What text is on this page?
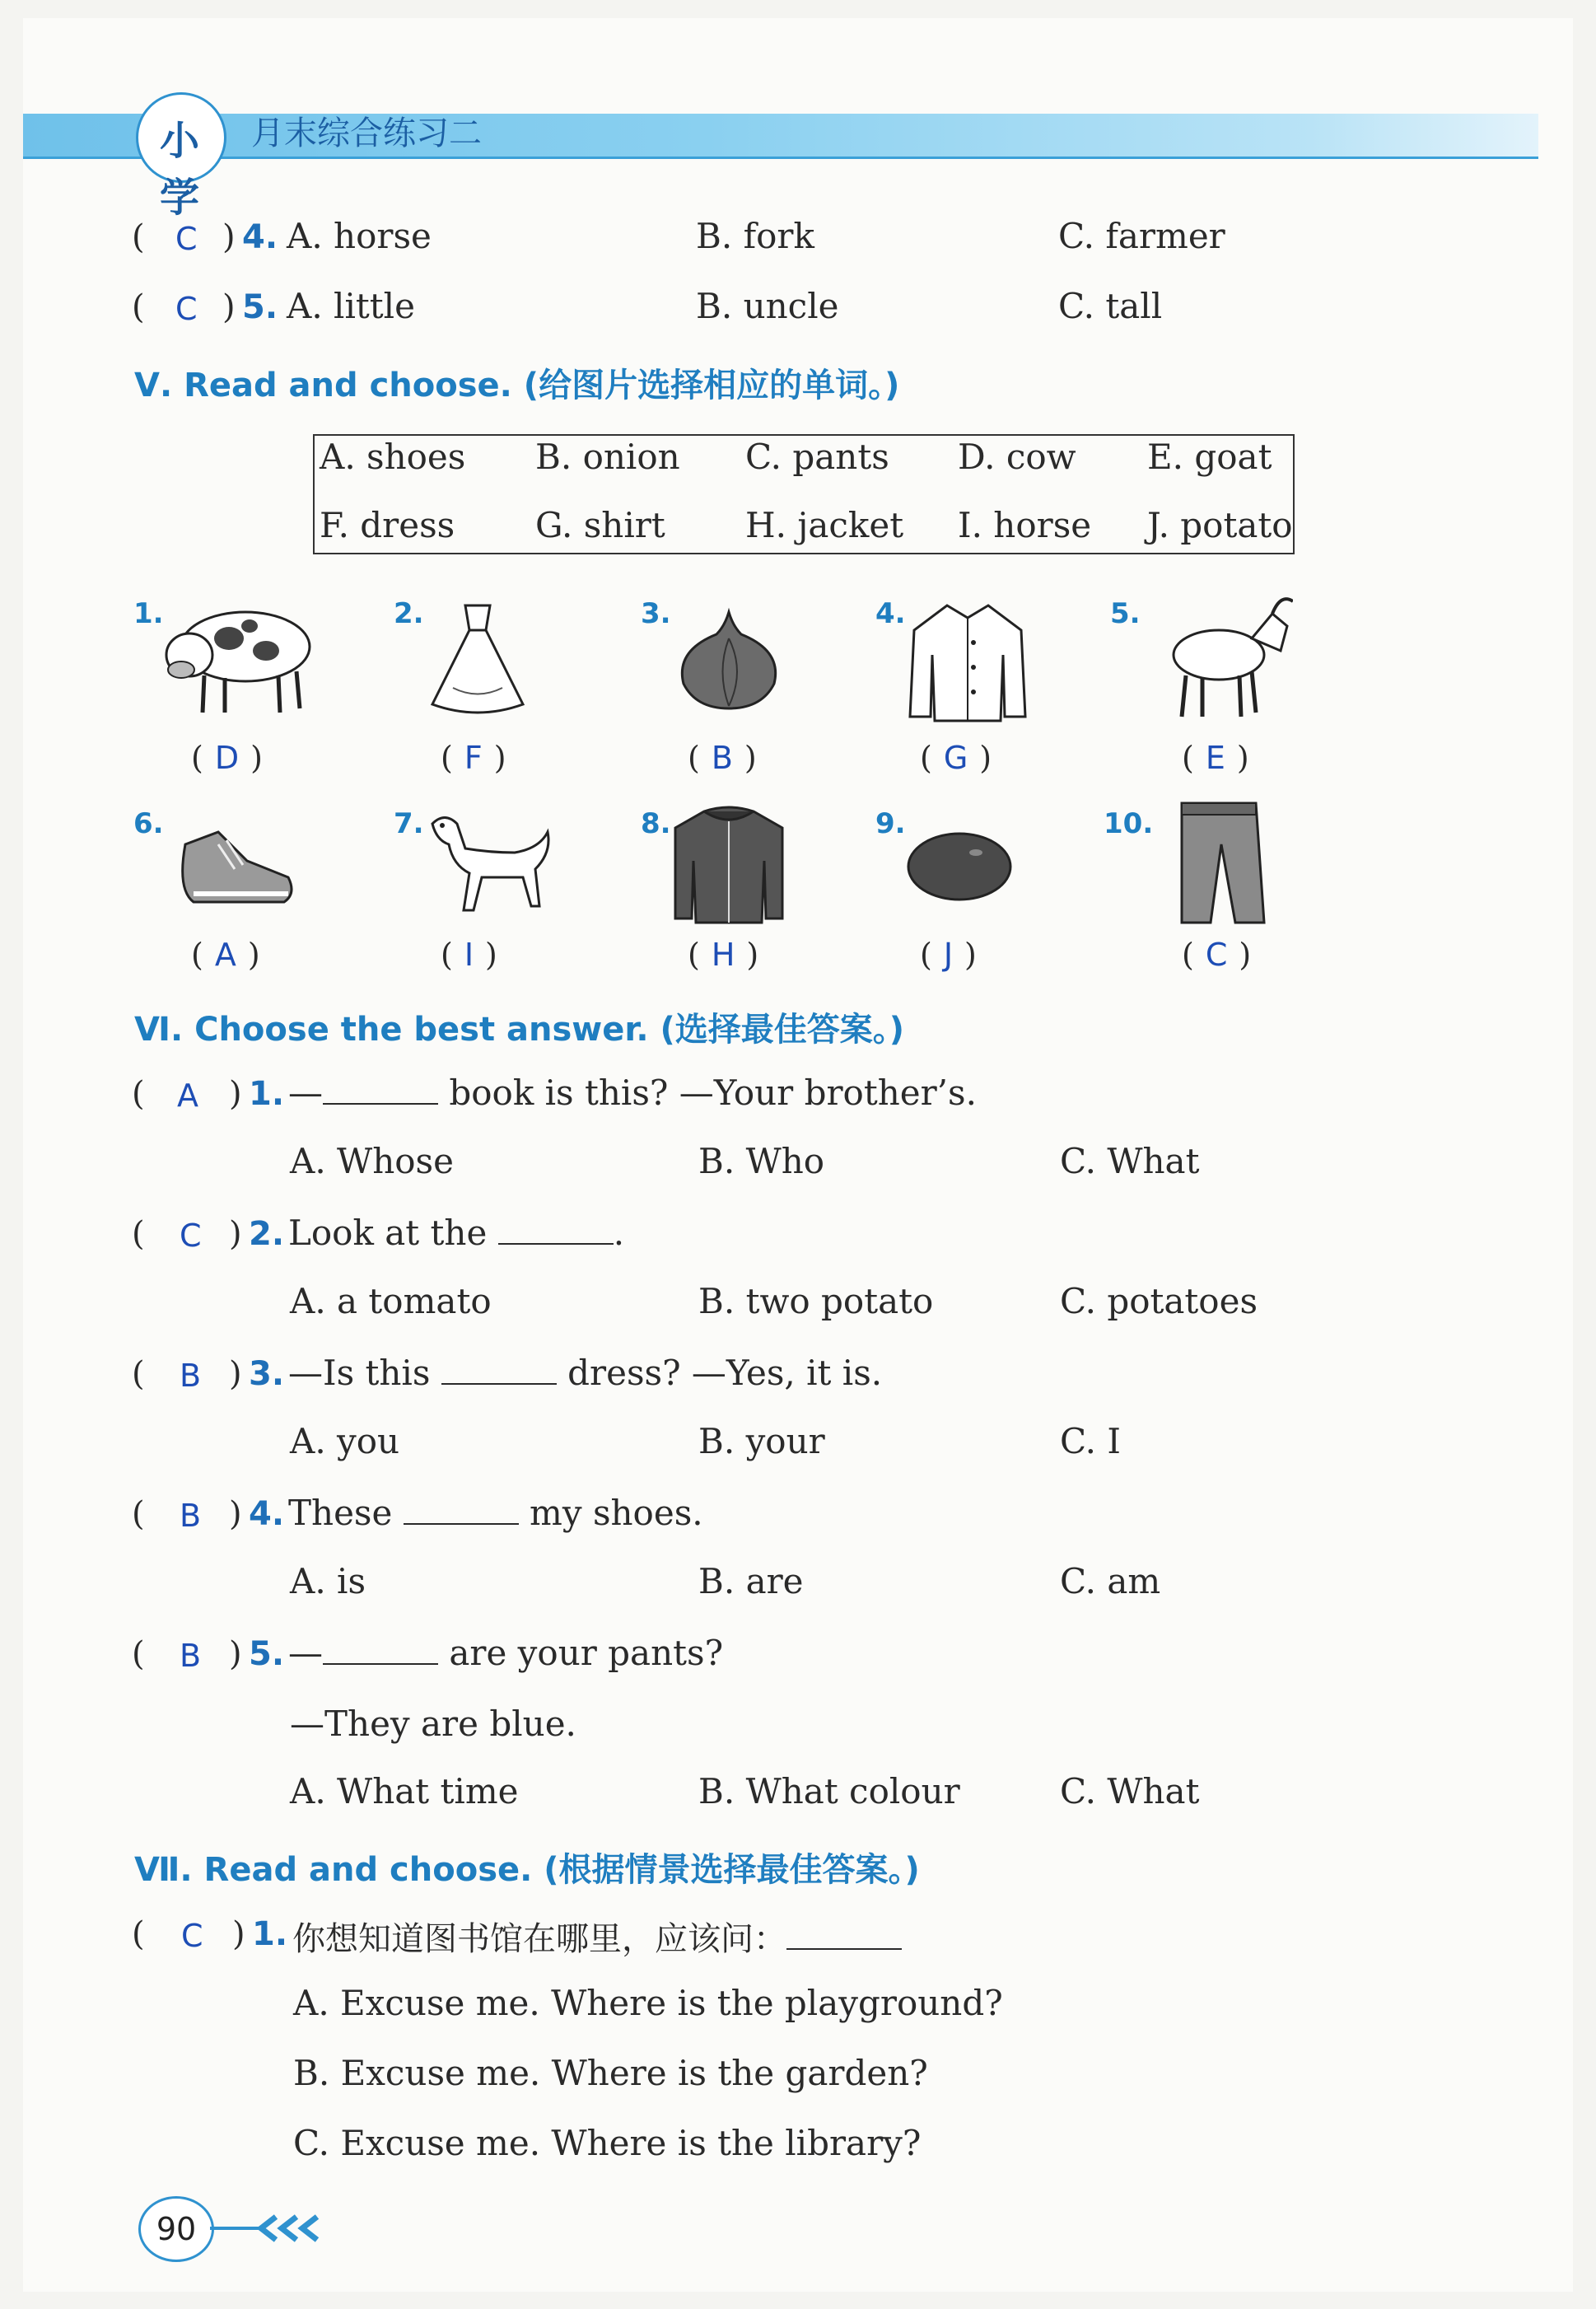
小学
月末综合练习二
( C ) 4. A. horse	B. fork	C. farmer
( C ) 5. A. little	B. uncle	C. tall
Ⅴ. Read and choose. (给图片选择相应的单词。)
A. shoes B. onion C. pants D. cow E. goat
F. dress G. shirt H. jacket I. horse J. potato
1.	2.	3.	4.	5.
( D )	( F )	( B )	( G )	( E )
6.	7.	8.	9.	10.
( A )	( I )	( H )	( J )	( C )
Ⅵ. Choose the best answer. (选择最佳答案。)
( A ) 1. —	book is this? —Your brother’s.
A. Whose	B. Who	C. What
( C ) 2. Look at the	.
A. a tomato	B. two potato	C. potatoes
( B ) 3. —Is this	dress? —Yes, it is.
A. you	B. your	C. I
( B ) 4. These	my shoes.
A. is	B. are	C. am
( B ) 5. —	are your pants?
—They are blue.
A. What time	B. What colour	C. What
Ⅶ. Read and choose. (根据情景选择最佳答案。)
( C ) 1. 你想知道图书馆在哪里，应该问：
A. Excuse me. Where is the playground?
B. Excuse me. Where is the garden?
C. Excuse me. Where is the library?
90
